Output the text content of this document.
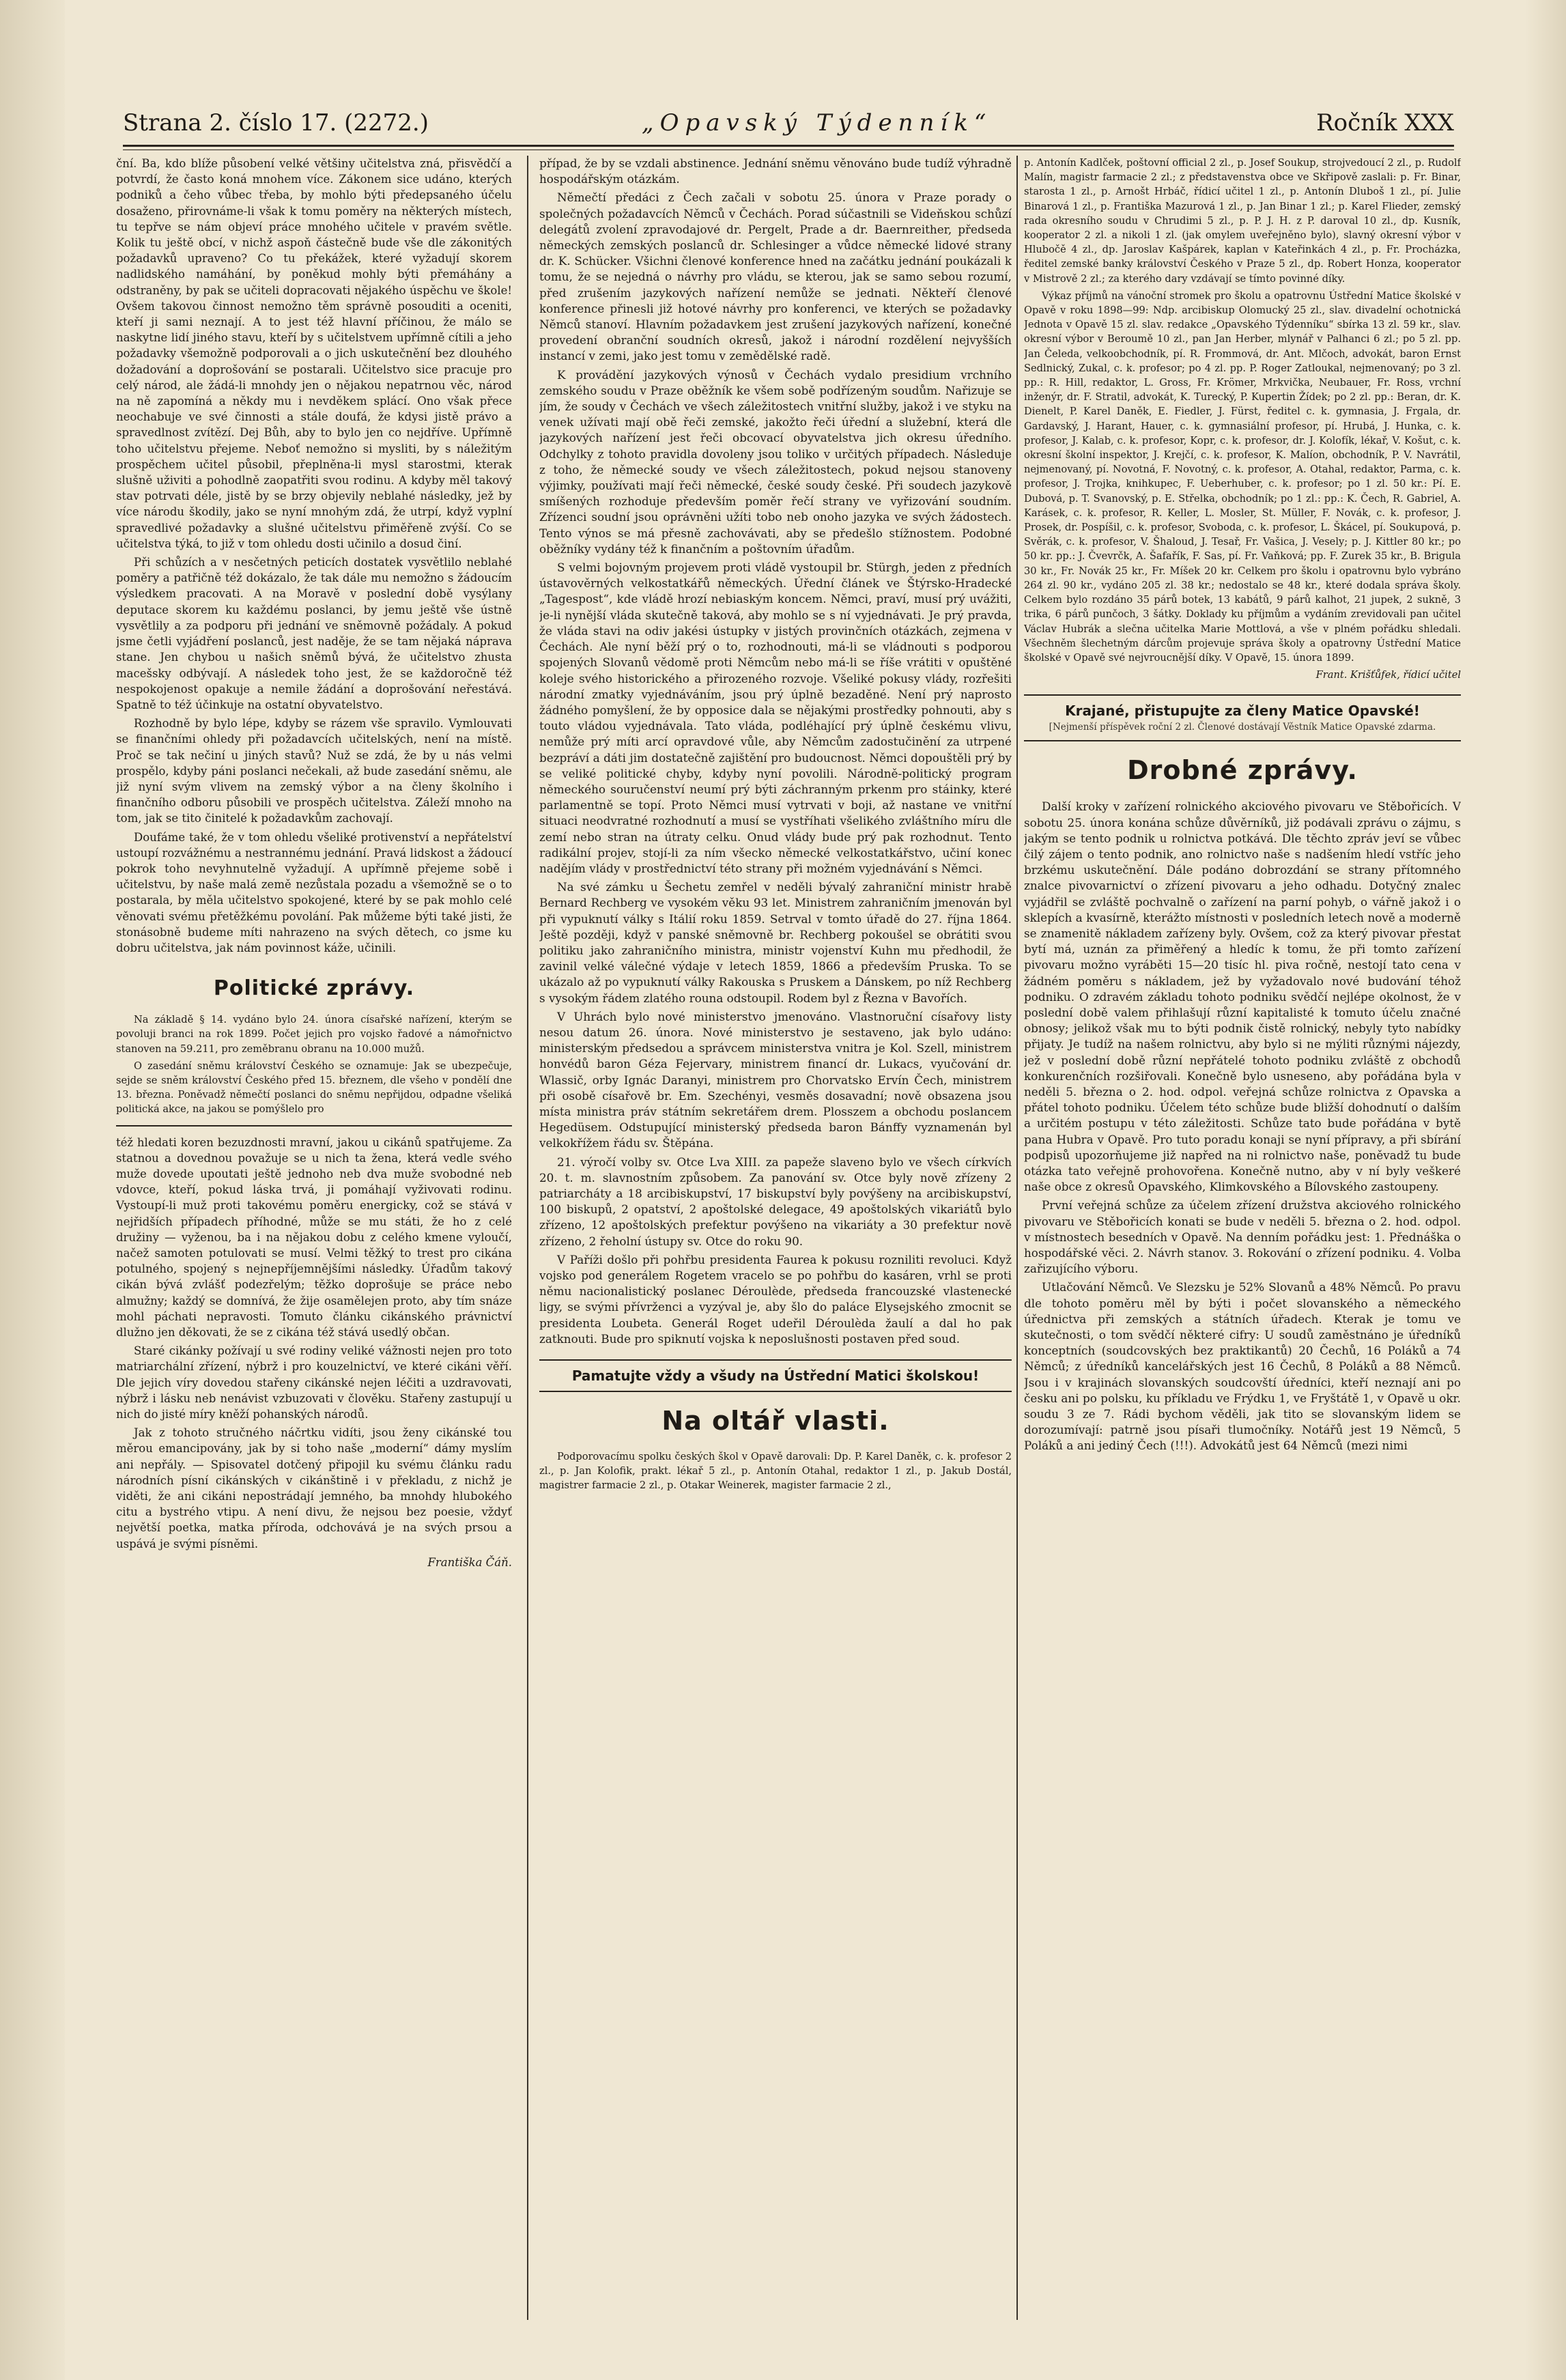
Strana 2. číslo 17. (2272.)	„Opavský Týdenník“	Ročník XXX

ční. Ba, kdo blíže působení velké většiny učitelstva zná, přisvědčí a potvrdí, že často koná mnohem více. Zákonem sice udáno, kterých podniků a čeho vůbec třeba, by mohlo býti předepsaného účelu dosaženo, přirovnáme-li však k tomu poměry na některých místech, tu tepřve se nám objeví práce mnohého učitele v pravém světle. Kolik tu ještě obcí, v nichž aspoň částečně bude vše dle zákonitých požadavků upraveno? Co tu překážek, které vyžadují skorem nadlidského namáhání, by poněkud mohly býti přemáhány a odstraněny, by pak se učiteli dopracovati nějakého úspěchu ve škole! Ovšem takovou činnost nemožno těm správně posouditi a oceniti, kteří ji sami neznají. A to jest též hlavní příčinou, že málo se naskytne lidí jiného stavu, kteří by s učitelstvem upřímně cítili a jeho požadavky všemožně podporovali a o jich uskutečnění bez dlouhého dožadování a doprošování se postarali. Učitelstvo sice pracuje pro celý národ, ale žádá-li mnohdy jen o nějakou nepatrnou věc, národ na ně zapomíná a někdy mu i nevděkem splácí. Ono však přece neochabuje ve své činnosti a stále doufá, že kdysi jistě právo a spravedlnost zvítězí. Dej Bůh, aby to bylo jen co nejdříve. Upřímně toho učitelstvu přejeme. Neboť nemožno si mysliti, by s náležitým prospěchem učitel působil, přeplněna-li mysl starostmi, kterak slušně uživiti a pohodlně zaopatřiti svou rodinu. A kdyby měl takový stav potrvati déle, jistě by se brzy objevily neblahé následky, jež by více národu škodily, jako se nyní mnohým zdá, že utrpí, když vyplní spravedlivé požadavky a slušné učitelstvu přiměřeně zvýší. Co se učitelstva týká, to již v tom ohledu dosti učinilo a dosud činí.

Při schůzích a v nesčetných peticích dostatek vysvětlilo neblahé poměry a patřičně též dokázalo, že tak dále mu nemožno s žádoucím výsledkem pracovati. A na Moravě v poslední době vysýlany deputace skorem ku každému poslanci, by jemu ještě vše ústně vysvětlily a za podporu při jednání ve sněmovně požádaly. A pokud jsme četli vyjádření poslanců, jest naděje, že se tam nějaká náprava stane. Jen chybou u našich sněmů bývá, že učitelstvo zhusta macešsky odbývají. A následek toho jest, že se každoročně též nespokojenost opakuje a nemile žádání a doprošování neřestává. Spatně to též účinkuje na ostatní obyvatelstvo.

Rozhodně by bylo lépe, kdyby se rázem vše spravilo. Vymlouvati se finančními ohledy při požadavcích učitelských, není na místě. Proč se tak nečiní u jiných stavů? Nuž se zdá, že by u nás velmi prospělo, kdyby páni poslanci nečekali, až bude zasedání sněmu, ale již nyní svým vlivem na zemský výbor a na členy školního i finančního odboru působili ve prospěch učitelstva. Záleží mnoho na tom, jak se tito činitelé k požadavkům zachovají.

Doufáme také, že v tom ohledu všeliké protivenství a nepřátelství ustoupí rozvážnému a nestrannému jednání. Pravá lidskost a žádoucí pokrok toho nevyhnutelně vyžadují. A upřímně přejeme sobě i učitelstvu, by naše malá země nezůstala pozadu a všemožně se o to postarala, by měla učitelstvo spokojené, které by se pak mohlo celé věnovati svému přetěžkému povolání. Pak můžeme býti také jisti, že stonásobně budeme míti nahrazeno na svých dětech, co jsme ku dobru učitelstva, jak nám povinnost káže, učinili.

Politické zprávy.

Na základě § 14. vydáno bylo 24. února císařské nařízení, kterým se povoluji branci na rok 1899. Počet jejich pro vojsko řadové a námořnictvo stanoven na 59.211, pro zeměbranu obranu na 10.000 mužů.

O zasedání sněmu království Českého se oznamuje: Jak se ubezpečuje, sejde se sněm království Českého před 15. březnem, dle všeho v pondělí dne 13. března. Poněvadž němečtí poslanci do sněmu nepřijdou, odpadne všeliká politická akce, na jakou se pomýšlelo pro

též hledati koren bezuzdnosti mravní, jakou u cikánů spatřujeme. Za statnou a dovednou považuje se u nich ta žena, která vedle svého muže dovede upoutati ještě jednoho neb dva muže svobodné neb vdovce, kteří, pokud láska trvá, ji pomáhají vyživovati rodinu. Vystoupí-li muž proti takovému poměru energicky, což se stává v nejřidších případech příhodné, může se mu státi, že ho z celé družiny — vyženou, ba i na nějakou dobu z celého kmene vyloučí, načež samoten potulovati se musí. Velmi těžký to trest pro cikána potulného, spojený s nejnepříjemnějšími následky. Úřadům takový cikán bývá zvlášť podezřelým; těžko doprošuje se práce nebo almužny; každý se domnívá, že žije osamělejen proto, aby tím snáze mohl páchati nepravosti. Tomuto článku cikánského právnictví dlužno jen děkovati, že se z cikána též stává usedlý občan.

Staré cikánky požívají u své rodiny veliké vážnosti nejen pro toto matriarchální zřízení, nýbrž i pro kouzelnictví, ve které cikáni věří. Dle jejich víry dovedou stařeny cikánské nejen léčiti a uzdravovati, nýbrž i lásku neb nenávist vzbuzovati v člověku. Stařeny zastupují u nich do jisté míry kněží pohanských národů.

Jak z tohoto stručného náčrtku vidíti, jsou ženy cikánské tou měrou emancipovány, jak by si toho naše „moderní“ dámy myslím ani nepřály. — Spisovatel dotčený připojil ku svému článku radu národních písní cikánských v cikánštině i v překladu, z nichž je viděti, že ani cikáni nepostrádají jemného, ba mnohdy hlubokého citu a bystrého vtipu. A není divu, že nejsou bez poesie, vždyť největší poetka, matka příroda, odchovává je na svých prsou a uspává je svými písněmi.

Františka Čáň.

případ, že by se vzdali abstinence. Jednání sněmu věnováno bude tudíž výhradně hospodářským otázkám.

Němečtí předáci z Čech začali v sobotu 25. února v Praze porady o společných požadavcích Němců v Čechách. Porad súčastnili se Videňskou schůzí delegátů zvolení zpravodajové dr. Pergelt, Prade a dr. Baernreither, předseda německých zemských poslanců dr. Schlesinger a vůdce německé lidové strany dr. K. Schücker. Všichni členové konference hned na začátku jednání poukázali k tomu, že se nejedná o návrhy pro vládu, se kterou, jak se samo sebou rozumí, před zrušením jazykových nařízení nemůže se jednati. Někteří členové konference přinesli již hotové návrhy pro konferenci, ve kterých se požadavky Němců stanoví. Hlavním požadavkem jest zrušení jazykových nařízení, konečné provedení obranční soudních okresů, jakož i národní rozdělení nejvyšších instancí v zemi, jako jest tomu v zemědělské radě.

K provádění jazykových výnosů v Čechách vydalo presidium vrchního zemského soudu v Praze oběžník ke všem sobě podřízeným soudům. Nařizuje se jím, že soudy v Čechách ve všech záležitostech vnitřní služby, jakož i ve styku na venek užívati mají obě řeči zemské, jakožto řeči úřední a služební, která dle jazykových nařízení jest řeči obcovací obyvatelstva jich okresu úředního. Odchylky z tohoto pravidla dovoleny jsou toliko v určitých případech. Následuje z toho, že německé soudy ve všech záležitostech, pokud nejsou stanoveny výjimky, používati mají řeči německé, české soudy české. Při soudech jazykově smíšených rozhoduje především poměr řečí strany ve vyřizování soudním. Zřízenci soudní jsou oprávněni užíti tobo neb onoho jazyka ve svých žádostech. Tento výnos se má přesně zachovávati, aby se předešlo stížnostem. Podobné oběžníky vydány též k finančním a poštovním úřadům.

S velmi bojovným projevem proti vládě vystoupil br. Stürgh, jeden z předních ústavověrných velkostatkářů německých. Úřední článek ve Štýrsko-Hradecké „Tagespost“, kde vládě hrozí nebiaským koncem. Němci, praví, musí prý uvážiti, je-li nynější vláda skutečně taková, aby mohlo se s ní vyjednávati. Je prý pravda, že vláda stavi na odiv jakési ústupky v jistých provinčních otázkách, zejmena v Čechách. Ale nyní běží prý o to, rozhodnouti, má-li se vládnouti s podporou spojených Slovanů vědomě proti Němcům nebo má-li se říše vrátiti v opuštěné koleje svého historického a přirozeného rozvoje. Všeliké pokusy vlády, rozřešiti národní zmatky vyjednáváním, jsou prý úplně bezaděné. Není prý naprosto žádného pomyšlení, že by opposice dala se nějakými prostředky pohnouti, aby s touto vládou vyjednávala. Tato vláda, podléhající prý úplně českému vlivu, nemůže prý míti arcí opravdové vůle, aby Němcům zadostučinění za utrpené bezpráví a dáti jim dostatečně zajištění pro budoucnost. Němci dopouštěli prý by se veliké politické chyby, kdyby nyní povolili. Národně-politický program německého souručenství neumí prý býti záchranným prkenm pro stáinky, které parlamentně se topí. Proto Němci musí vytrvati v boji, až nastane ve vnitřní situaci neodvratné rozhodnutí a musí se vystříhati všelikého zvláštního míru dle zemí nebo stran na útraty celku. Onud vlády bude prý pak rozhodnut. Tento radikální projev, stojí-li za ním všecko německé velkostatkářstvo, učiní konec nadějím vlády v prostřednictví této strany při možném vyjednávání s Němci.

Na své zámku u Šechetu zemřel v neděli bývalý zahraniční ministr hrabě Bernard Rechberg ve vysokém věku 93 let. Ministrem zahraničním jmenován byl při vypuknutí války s Itálií roku 1859. Setrval v tomto úřadě do 27. října 1864. Ještě později, když v panské sněmovně br. Rechberg pokoušel se obrátiti svou politiku jako zahraničního ministra, ministr vojenství Kuhn mu předhodil, že zavinil velké válečné výdaje v letech 1859, 1866 a především Pruska. To se ukázalo až po vypuknutí války Rakouska s Pruskem a Dánskem, po níž Rechberg s vysokým řádem zlatého rouna odstoupil. Rodem byl z Řezna v Bavořích.

V Uhrách bylo nové ministerstvo jmenováno. Vlastnoruční císařovy listy nesou datum 26. února. Nové ministerstvo je sestaveno, jak bylo udáno: ministerským předsedou a správcem ministerstva vnitra je Kol. Szell, ministrem honvédů baron Géza Fejervary, ministrem financí dr. Lukacs, vyučování dr. Wlassič, orby Ignác Daranyi, ministrem pro Chorvatsko Ervín Čech, ministrem při osobě císařově br. Em. Szechényi, vesměs dosavadní; nově obsazena jsou místa ministra práv státním sekretářem drem. Plosszem a obchodu poslancem Hegedüsem. Odstupující ministerský předseda baron Bánffy vyznamenán byl velkokřížem řádu sv. Štěpána.

21. výročí volby sv. Otce Lva XIII. za papeže slaveno bylo ve všech církvích 20. t. m. slavnostním způsobem. Za panování sv. Otce byly nově zřízeny 2 patriarcháty a 18 arcibiskupství, 17 biskupství byly povýšeny na arcibiskupství, 100 biskupů, 2 opatství, 2 apoštolské delegace, 49 apoštolských vikariátů bylo zřízeno, 12 apoštolských prefektur povýšeno na vikariáty a 30 prefektur nově zřízeno, 2 řeholní ústupy sv. Otce do roku 90.

V Paříži došlo při pohřbu presidenta Faurea k pokusu rozniliti revoluci. Když vojsko pod generálem Rogetem vracelo se po pohřbu do kasáren, vrhl se proti němu nacionalistický poslanec Déroulède, předseda francouzské vlastenecké ligy, se svými přívrženci a vyzýval je, aby šlo do paláce Elysejského zmocnit se presidenta Loubeta. Generál Roget udeřil Déroulèda žaulí a dal ho pak zatknouti. Bude pro spiknutí vojska k neposlušnosti postaven před soud.

Pamatujte vždy a všudy na Ústřední Matici školskou!
Na oltář vlasti.

Podporovacímu spolku českých škol v Opavě darovali: Dp. P. Karel Daněk, c. k. profesor 2 zl., p. Jan Kolofik, prakt. lékař 5 zl., p. Antonín Otahal, redaktor 1 zl., p. Jakub Dostál, magistrer farmacie 2 zl., p. Otakar Weinerek, magister farmacie 2 zl.,

p. Antonín Kadlček, poštovní official 2 zl., p. Josef Soukup, strojvedoucí 2 zl., p. Rudolf Malín, magistr farmacie 2 zl.; z představenstva obce ve Skřipově zaslali: p. Fr. Binar, starosta 1 zl., p. Arnošt Hrbáč, řídicí učitel 1 zl., p. Antonín Dluboš 1 zl., pí. Julie Binarová 1 zl., p. Františka Mazurová 1 zl., p. Jan Binar 1 zl.; p. Karel Flieder, zemský rada okresního soudu v Chrudimi 5 zl., p. P. J. H. z P. daroval 10 zl., dp. Kusník, kooperator 2 zl. a nikoli 1 zl. (jak omylem uveřejněno bylo), slavný okresní výbor v Hlubočě 4 zl., dp. Jaroslav Kašpárek, kaplan v Kateřinkách 4 zl., p. Fr. Procházka, ředitel zemské banky království Českého v Praze 5 zl., dp. Robert Honza, kooperator v Mistrově 2 zl.; za kterého dary vzdávají se tímto povinné díky.

Výkaz příjmů na vánoční stromek pro školu a opatrovnu Ústřední Matice školské v Opavě v roku 1898—99: Ndp. arcibiskup Olomucký 25 zl., slav. divadelní ochotnická Jednota v Opavě 15 zl. slav. redakce „Opavského Týdenníku“ sbírka 13 zl. 59 kr., slav. okresní výbor v Beroumě 10 zl., pan Jan Herber, mlynář v Palhanci 6 zl.; po 5 zl. pp. Jan Čeleda, velkoobchodník, pí. R. Frommová, dr. Ant. Mlčoch, advokát, baron Ernst Sedlnický, Zukal, c. k. profesor; po 4 zl. pp. P. Roger Zatloukal, nejmenovaný; po 3 zl. pp.: R. Hill, redaktor, L. Gross, Fr. Krömer, Mrkvička, Neubauer, Fr. Ross, vrchní inženýr, dr. F. Stratil, advokát, K. Turecký, P. Kupertin Žídek; po 2 zl. pp.: Beran, dr. K. Dienelt, P. Karel Daněk, E. Fiedler, J. Fürst, ředitel c. k. gymnasia, J. Frgala, dr. Gardavský, J. Harant, Hauer, c. k. gymnasiální profesor, pí. Hrubá, J. Hunka, c. k. profesor, J. Kalab, c. k. profesor, Kopr, c. k. profesor, dr. J. Kolofík, lékař, V. Košut, c. k. okresní školní inspektor, J. Krejčí, c. k. profesor, K. Malíon, obchodník, P. V. Navrátil, nejmenovaný, pí. Novotná, F. Novotný, c. k. profesor, A. Otahal, redaktor, Parma, c. k. profesor, J. Trojka, knihkupec, F. Ueberhuber, c. k. profesor; po 1 zl. 50 kr.: Pí. E. Dubová, p. T. Svanovský, p. E. Střelka, obchodník; po 1 zl.: pp.: K. Čech, R. Gabriel, A. Karásek, c. k. profesor, R. Keller, L. Mosler, St. Müller, F. Novák, c. k. profesor, J. Prosek, dr. Pospíšil, c. k. profesor, Svoboda, c. k. profesor, L. Škácel, pí. Soukupová, p. Svěrák, c. k. profesor, V. Šhaloud, J. Tesař, Fr. Vašica, J. Vesely; p. J. Kittler 80 kr.; po 50 kr. pp.: J. Čvevrčk, A. Šafařík, F. Sas, pí. Fr. Vaňková; pp. F. Zurek 35 kr., B. Brigula 30 kr., Fr. Novák 25 kr., Fr. Míšek 20 kr. Celkem pro školu i opatrovnu bylo vybráno 264 zl. 90 kr., vydáno 205 zl. 38 kr.; nedostalo se 48 kr., které dodala správa školy. Celkem bylo rozdáno 35 párů botek, 13 kabátů, 9 párů kalhot, 21 jupek, 2 sukně, 3 trika, 6 párů punčoch, 3 šátky. Doklady ku příjmům a vydáním zrevidovali pan učitel Václav Hubrák a slečna učitelka Marie Mottlová, a vše v plném pořádku shledali. Všechněm šlechetným dárcům projevuje správa školy a opatrovny Ústřední Matice školské v Opavě své nejvroucnější díky. V Opavě, 15. února 1899.

Frant. Krišťůfek, řídicí učitel

Krajané, přistupujte za členy Matice Opavské!
[Nejmenší příspěvek roční 2 zl. Členové dostávají Věstník Matice Opavské zdarma.
Drobné zprávy.

Další kroky v zařízení rolnického akciového pivovaru ve Stěbořicích. V sobotu 25. února konána schůze důvěrníků, již podávali zprávu o zájmu, s jakým se tento podnik u rolnictva potkává. Dle těchto zpráv jeví se vůbec čilý zájem o tento podnik, ano rolnictvo naše s nadšením hledí vstříc jeho brzkému uskutečnění. Dále podáno dobrozdání se strany přítomného znalce pivovarnictví o zřízení pivovaru a jeho odhadu. Dotyčný znalec vyjádřil se zvláště pochvalně o zařízení na parní pohyb, o vářně jakož i o sklepích a kvasírně, kterážto místnosti v posledních letech nově a moderně se znamenitě nákladem zařízeny byly. Ovšem, což za který pivovar přestat bytí má, uznán za přiměřený a hledíc k tomu, že při tomto zařízení pivovaru možno vyráběti 15—20 tisíc hl. piva ročně, nestojí tato cena v žádném poměru s nákladem, jež by vyžadovalo nové budování téhož podniku. O zdravém základu tohoto podniku svědčí nejlépe okolnost, že v poslední době valem přihlašují různí kapitalisté k tomuto účelu značné obnosy; jelikož však mu to býti podnik čistě rolnický, nebyly tyto nabídky přijaty. Je tudíž na našem rolnictvu, aby bylo si ne mýliti různými nájezdy, jež v poslední době různí nepřátelé tohoto podniku zvláště z obchodů konkurenčních rozšiřovali. Konečně bylo usneseno, aby pořádána byla v neděli 5. března o 2. hod. odpol. veřejná schůze rolnictva z Opavska a přátel tohoto podniku. Účelem této schůze bude bližší dohodnutí o dalším a určitém postupu v této záležitosti. Schůze tato bude pořádána v bytě pana Hubra v Opavě. Pro tuto poradu konaji se nyní přípravy, a při sbírání podpisů upozorňujeme již napřed na ni rolnictvo naše, poněvadž tu bude otázka tato veřejně prohovořena. Konečně nutno, aby v ní byly veškeré naše obce z okresů Opavského, Klimkovského a Bílovského zastoupeny.

První veřejná schůze za účelem zřízení družstva akciového rolnického pivovaru ve Stěbořicích konati se bude v neděli 5. března o 2. hod. odpol. v místnostech besedních v Opavě. Na denním pořádku jest: 1. Přednáška o hospodářské věci. 2. Návrh stanov. 3. Rokování o zřízení podniku. 4. Volba zařizujícího výboru.

Utlačování Němců. Ve Slezsku je 52% Slovanů a 48% Němců. Po pravu dle tohoto poměru měl by býti i počet slovanského a německého úřednictva při zemských a státních úřadech. Kterak je tomu ve skutečnosti, o tom svědčí některé cifry: U soudů zaměstnáno je úředníků konceptních (soudcovských bez praktikantů) 20 Čechů, 16 Poláků a 74 Němců; z úředníků kancelářských jest 16 Čechů, 8 Poláků a 88 Němců. Jsou i v krajinách slovanských soudcovští úředníci, kteří neznají ani po česku ani po polsku, ku příkladu ve Frýdku 1, ve Fryštátě 1, v Opavě u okr. soudu 3 ze 7. Rádi bychom věděli, jak tito se slovanským lidem se dorozumívají: patrně jsou písaři tlumočníky. Notářů jest 19 Němců, 5 Poláků a ani jediný Čech (!!!). Advokátů jest 64 Němců (mezi nimi
